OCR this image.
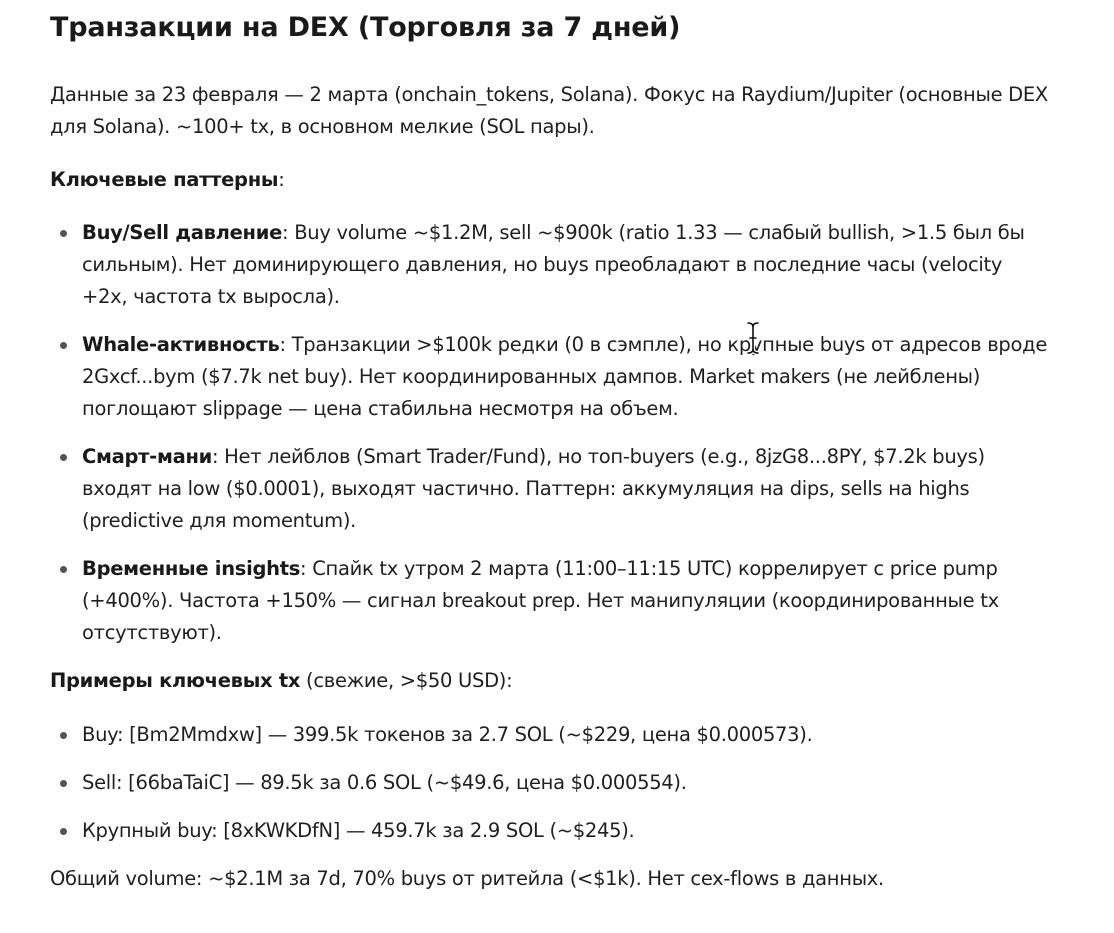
Транзакции на DEX (Торговля за 7 дней)

Данные за 23 февраля — 2 марта (onchain_tokens, Solana). Фокус на Raydium/Jupiter (основные DEX для Solana). ~100+ tx, в основном мелкие (SOL пары).

Ключевые паттерны:

Buy/Sell давление: Buy volume ~$1.2M, sell ~$900k (ratio 1.33 — слабый bullish, >1.5 был бы сильным). Нет доминирующего давления, но buys преобладают в последние часы (velocity +2x, частота tx выросла).
Whale-активность: Транзакции >$100k редки (0 в сэмпле), но крупные buys от адресов вроде 2Gxcf...bym ($7.7k net buy). Нет координированных дампов. Market makers (не лейблены) поглощают slippage — цена стабильна несмотря на объем.
Смарт-мани: Нет лейблов (Smart Trader/Fund), но топ-buyers (e.g., 8jzG8...8PY, $7.2k buys) входят на low ($0.0001), выходят частично. Паттерн: аккумуляция на dips, sells на highs (predictive для momentum).
Временные insights: Спайк tx утром 2 марта (11:00–11:15 UTC) коррелирует с price pump (+400%). Частота +150% — сигнал breakout prep. Нет манипуляции (координированные tx отсутствуют).

Примеры ключевых tx (свежие, >$50 USD):

Buy: [Bm2Mmdxw] — 399.5k токенов за 2.7 SOL (~$229, цена $0.000573).
Sell: [66baTaiC] — 89.5k за 0.6 SOL (~$49.6, цена $0.000554).
Крупный buy: [8xKWKDfN] — 459.7k за 2.9 SOL (~$245).

Общий volume: ~$2.1M за 7d, 70% buys от ритейла (<$1k). Нет cex-flows в данных.
